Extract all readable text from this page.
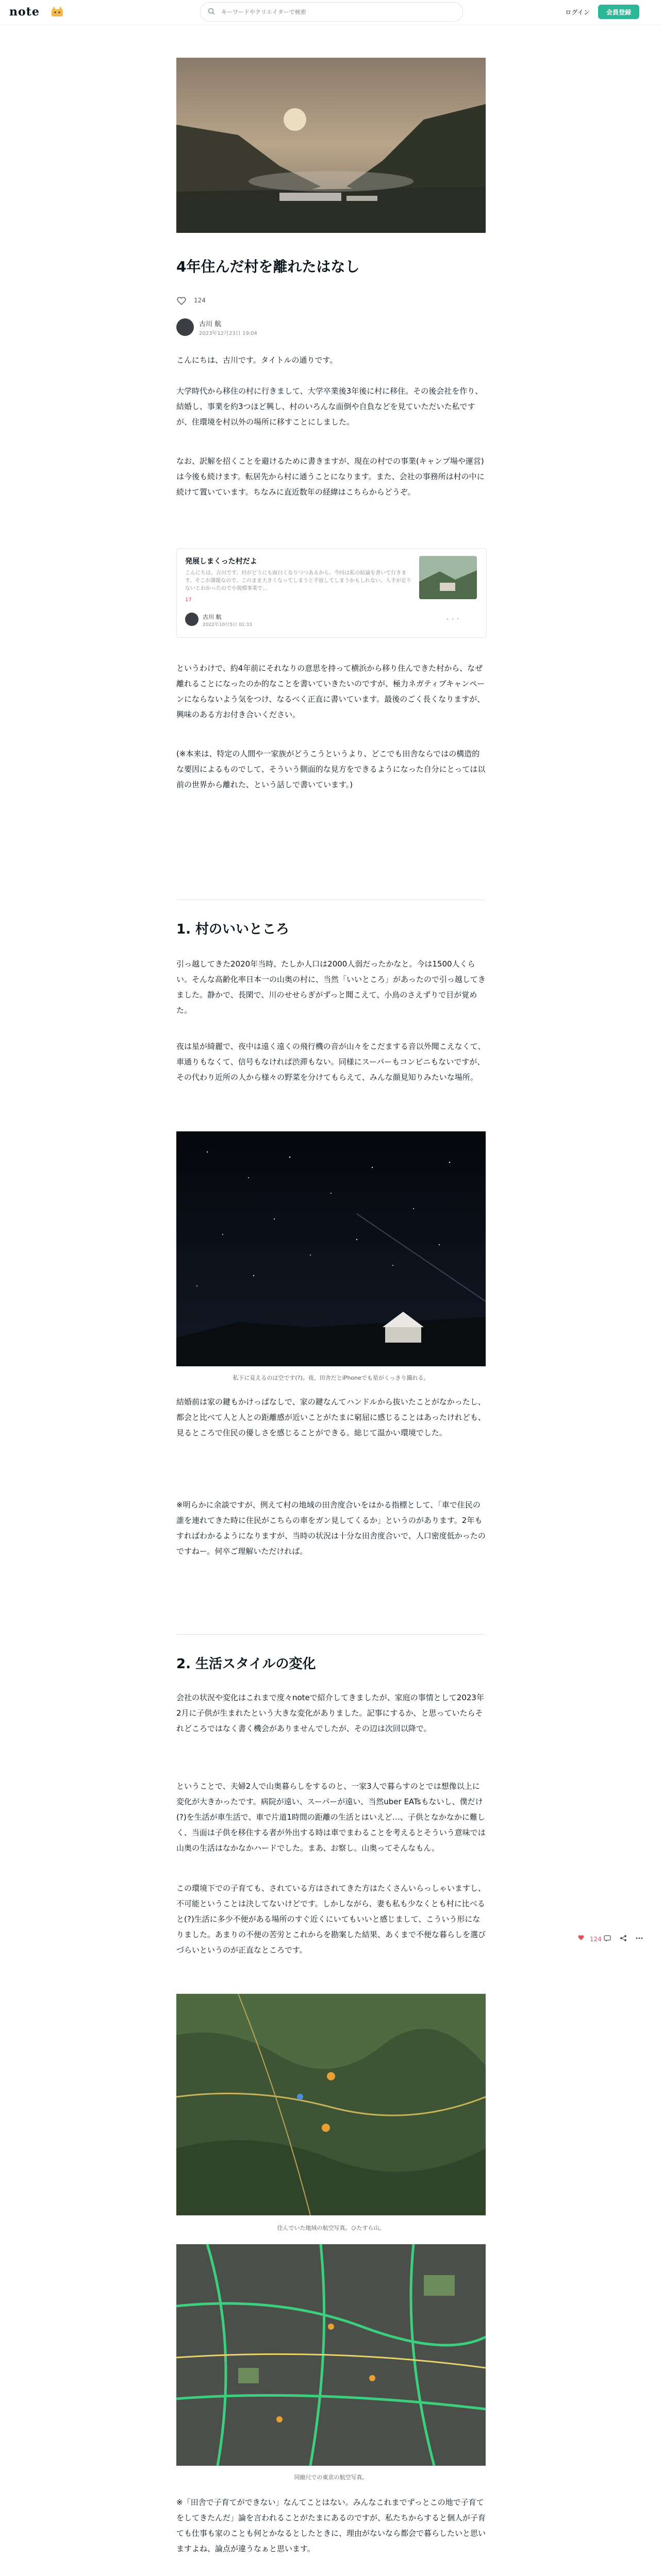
note
キーワードやクリエイターで検索	ログイン	会員登録
4年住んだ村を離れたはなし
124
古川 航
2023年12月23日 19:04

こんにちは、古川です。タイトルの通りです。

大学時代から移住の村に行きまして、大学卒業後3年後に村に移住。その後会社を作り、結婚し、事業を約3つほど興し、村のいろんな面倒や自負などを見ていただいた私ですが、住環境を村以外の場所に移すことにしました。

なお、訳解を招くことを避けるために書きますが、現在の村での事業(キャンプ場や運営)は今後も続けます。転居先から村に通うことになります。また、会社の事務所は村の中に続けて置いています。ちなみに直近数年の経緯はこちらからどうぞ。

発展しまくった村だよ
こんにちは、古川です。村がどうにも面白くなりつつあるから、今回は私の結論を書いて行きます。そこが課題なので、このまま大きくなってしまうと手放してしまうかもしれない。人手が足りないとわかったので小規模事業で…
17
古川 航
2022年10月5日 01:33
・・・

というわけで、約4年前にそれなりの意思を持って横浜から移り住んできた村から、なぜ離れることになったのか的なことを書いていきたいのですが、極力ネガティブキャンペーンにならないよう気をつけ、なるべく正直に書いています。最後のごく長くなりますが、興味のある方お付き合いください。

(※本来は、特定の人間や一家族がどうこうというより、どこでも田舎ならではの構造的な要因によるものでして、そういう側面的な見方をできるようになった自分にとっては以前の世界から離れた、という話しで書いています。)

1. 村のいいところ

引っ越してきた2020年当時、たしか人口は2000人弱だったかなと。今は1500人くらい。そんな高齢化率日本一の山奥の村に、当然「いいところ」があったので引っ越してきました。静かで、長閑で、川のせせらぎがずっと聞こえて、小鳥のさえずりで目が覚めた。

夜は星が綺麗で、夜中は遠く遠くの飛行機の音が山々をこだまする音以外聞こえなくて、車通りもなくて、信号もなければ渋滞もない。同様にスーパーもコンビニもないですが、その代わり近所の人から様々の野菜を分けてもらえて、みんな顔見知りみたいな場所。

私下に見えるのは空です(?)。夜、田舎だとiPhoneでも星がくっきり撮れる。

結婚前は家の鍵もかけっぱなしで、家の鍵なんてハンドルから抜いたことがなかったし、都会と比べて人と人との距離感が近いことがたまに窮屈に感じることはあったけれども、見るところで住民の優しさを感じることができる。総じて温かい環境でした。

※明らかに余談ですが、例えて村の地域の田舎度合いをはかる指標として、「車で住民の誰を連れてきた時に住民がこちらの車をガン見してくるか」というのがあります。2年もすればわかるようになりますが、当時の状況は十分な田舎度合いで、人口密度低かったのですねー。何卒ご理解いただければ。

2. 生活スタイルの変化

会社の状況や変化はこれまで度々noteで紹介してきましたが、家庭の事情として2023年2月に子供が生まれたという大きな変化がありました。記事にするか、と思っていたらそれどころではなく書く機会がありませんでしたが、その辺は次回以降で。

ということで、夫婦2人で山奥暮らしをするのと、一家3人で暮らすのとでは想像以上に変化が大きかったです。病院が遠い、スーパーが遠い、当然uber EATsもないし、僕だけ(?)を生活が車生活で、車で片道1時間の距離の生活とはいえど…、子供となかなかに難しく、当面は子供を移住する者が外出する時は車でまわることを考えるとそういう意味では山奥の生活はなかなかハードでした。まあ、お察し。山奥ってそんなもん。

この環境下での子育ても、されている方はされてきた方はたくさんいらっしゃいますし、不可能ということは決してないけどです。しかしながら、妻も私も少なくとも村に比べると(?)生活に多少不便がある場所のすぐ近くにいてもいいと感じまして、こういう形になりました。あまりの不便の苦労とこれからを勘案した結果、あくまで不便な暮らしを選びづらいというのが正直なところです。

住んでいた地域の航空写真。ひたすら山。
同縮尺での東京の航空写真。

※「田舎で子育てができない」なんてことはない。みんなこれまでずっとこの地で子育てをしてきたんだ」論を言われることがたまにあるのですが、私たちからすると個人が子育ても仕事も家のことも何とかなるとしたときに、理由がないなら都会で暮らしたいと思いますよね、論点が違うなぁと思います。

124
